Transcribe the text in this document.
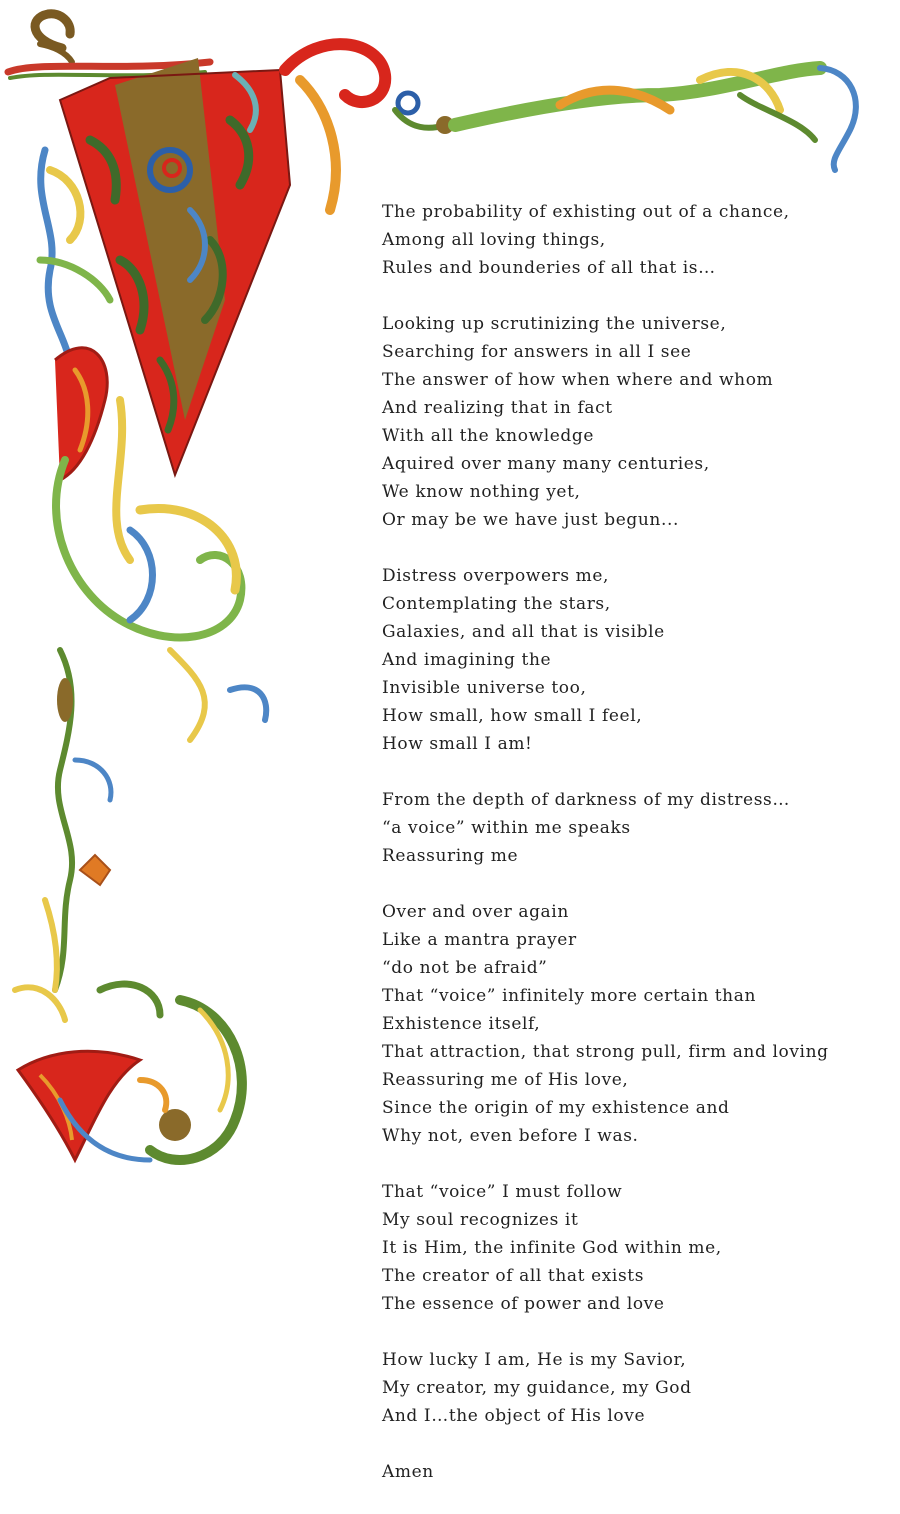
The probability of exhisting out of a chance,
Among all loving things,
Rules and bounderies of all that is…
Looking up scrutinizing the universe,
Searching for answers in all I see
The answer of how when where and whom
And realizing that in fact
With all the knowledge
Aquired over many many centuries,
We know nothing yet,
Or may be we have just begun...
Distress overpowers me,
Contemplating the stars,
Galaxies, and all that is visible
And imagining the
Invisible universe too,
How small, how small I feel,
How small I am!
From the depth of darkness of my distress…
“a voice” within me speaks
Reassuring me
Over and over again
Like a mantra prayer
“do not be afraid”
That “voice” infinitely more certain than
Exhistence itself,
That attraction, that strong pull, firm and loving
Reassuring me of His love,
Since the origin of my exhistence and
Why not, even before I was.
That “voice” I must follow
My soul recognizes it
It is Him, the infinite God within me,
The creator of all that exists
The essence of power and love
How lucky I am, He is my Savior,
My creator, my guidance, my God
And I…the object of His love
Amen
